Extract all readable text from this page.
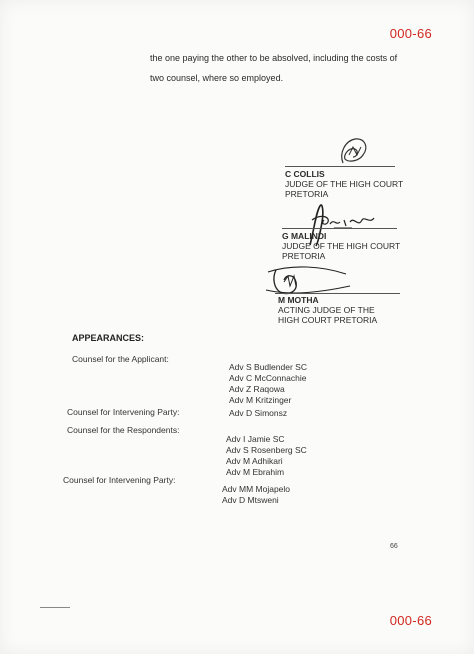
000-66
the one paying the other to be absolved, including the costs of
two counsel, where so employed.
C COLLIS
JUDGE OF THE HIGH COURT
PRETORIA
G MALINDI
JUDGE OF THE HIGH COURT
PRETORIA
M MOTHA
ACTING JUDGE OF THE
HIGH COURT PRETORIA
APPEARANCES:
Counsel for the Applicant:
Adv S Budlender SC
Adv C McConnachie
Adv Z Raqowa
Adv M Kritzinger
Counsel for Intervening Party:	Adv D Simonsz
Counsel for the Respondents:
Adv I Jamie SC
Adv S Rosenberg SC
Adv M Adhikari
Adv M Ebrahim
Counsel for Intervening Party:
Adv MM Mojapelo
Adv D Mtsweni
66
000-66
